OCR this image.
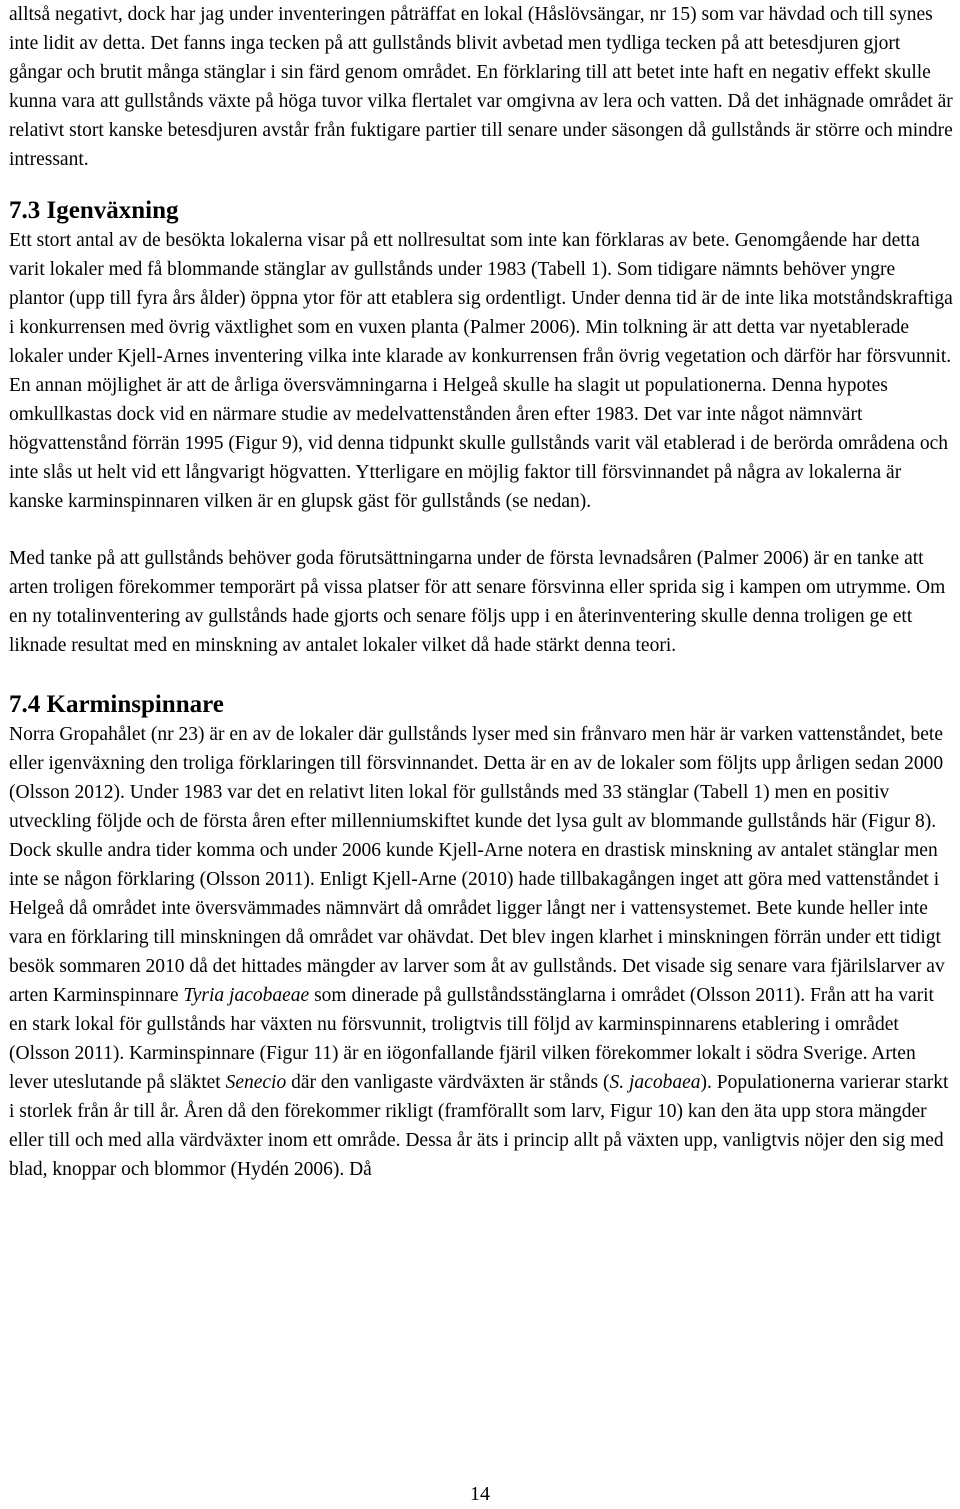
alltså negativt, dock har jag under inventeringen påträffat en lokal (Håslövsängar, nr 15) som var hävdad och till synes inte lidit av detta. Det fanns inga tecken på att gullstånds blivit avbetad men tydliga tecken på att betesdjuren gjort gångar och brutit många stänglar i sin färd genom området. En förklaring till att betet inte haft en negativ effekt skulle kunna vara att gullstånds växte på höga tuvor vilka flertalet var omgivna av lera och vatten. Då det inhägnade området är relativt stort kanske betesdjuren avstår från fuktigare partier till senare under säsongen då gullstånds är större och mindre intressant.

7.3 Igenväxning

Ett stort antal av de besökta lokalerna visar på ett nollresultat som inte kan förklaras av bete. Genomgående har detta varit lokaler med få blommande stänglar av gullstånds under 1983 (Tabell 1). Som tidigare nämnts behöver yngre plantor (upp till fyra års ålder) öppna ytor för att etablera sig ordentligt. Under denna tid är de inte lika motståndskraftiga i konkurrensen med övrig växtlighet som en vuxen planta (Palmer 2006). Min tolkning är att detta var nyetablerade lokaler under Kjell-Arnes inventering vilka inte klarade av konkurrensen från övrig vegetation och därför har försvunnit. En annan möjlighet är att de årliga översvämningarna i Helgeå skulle ha slagit ut populationerna. Denna hypotes omkullkastas dock vid en närmare studie av medelvattenstånden åren efter 1983. Det var inte något nämnvärt högvattenstånd förrän 1995 (Figur 9), vid denna tidpunkt skulle gullstånds varit väl etablerad i de berörda områdena och inte slås ut helt vid ett långvarigt högvatten. Ytterligare en möjlig faktor till försvinnandet på några av lokalerna är kanske karminspinnaren vilken är en glupsk gäst för gullstånds (se nedan).

Med tanke på att gullstånds behöver goda förutsättningarna under de första levnadsåren (Palmer 2006) är en tanke att arten troligen förekommer temporärt på vissa platser för att senare försvinna eller sprida sig i kampen om utrymme. Om en ny totalinventering av gullstånds hade gjorts och senare följs upp i en återinventering skulle denna troligen ge ett liknade resultat med en minskning av antalet lokaler vilket då hade stärkt denna teori.

7.4 Karminspinnare

Norra Gropahålet (nr 23) är en av de lokaler där gullstånds lyser med sin frånvaro men här är varken vattenståndet, bete eller igenväxning den troliga förklaringen till försvinnandet. Detta är en av de lokaler som följts upp årligen sedan 2000 (Olsson 2012). Under 1983 var det en relativt liten lokal för gullstånds med 33 stänglar (Tabell 1) men en positiv utveckling följde och de första åren efter millenniumskiftet kunde det lysa gult av blommande gullstånds här (Figur 8). Dock skulle andra tider komma och under 2006 kunde Kjell-Arne notera en drastisk minskning av antalet stänglar men inte se någon förklaring (Olsson 2011). Enligt Kjell-Arne (2010) hade tillbakagången inget att göra med vattenståndet i Helgeå då området inte översvämmades nämnvärt då området ligger långt ner i vattensystemet. Bete kunde heller inte vara en förklaring till minskningen då området var ohävdat. Det blev ingen klarhet i minskningen förrän under ett tidigt besök sommaren 2010 då det hittades mängder av larver som åt av gullstånds. Det visade sig senare vara fjärilslarver av arten Karminspinnare Tyria jacobaeae som dinerade på gullståndsstänglarna i området (Olsson 2011). Från att ha varit en stark lokal för gullstånds har växten nu försvunnit, troligtvis till följd av karminspinnarens etablering i området (Olsson 2011). Karminspinnare (Figur 11) är en iögonfallande fjäril vilken förekommer lokalt i södra Sverige. Arten lever uteslutande på släktet Senecio där den vanligaste värdväxten är stånds (S. jacobaea). Populationerna varierar starkt i storlek från år till år. Åren då den förekommer rikligt (framförallt som larv, Figur 10) kan den äta upp stora mängder eller till och med alla värdväxter inom ett område. Dessa år äts i princip allt på växten upp, vanligtvis nöjer den sig med blad, knoppar och blommor (Hydén 2006). Då

14
